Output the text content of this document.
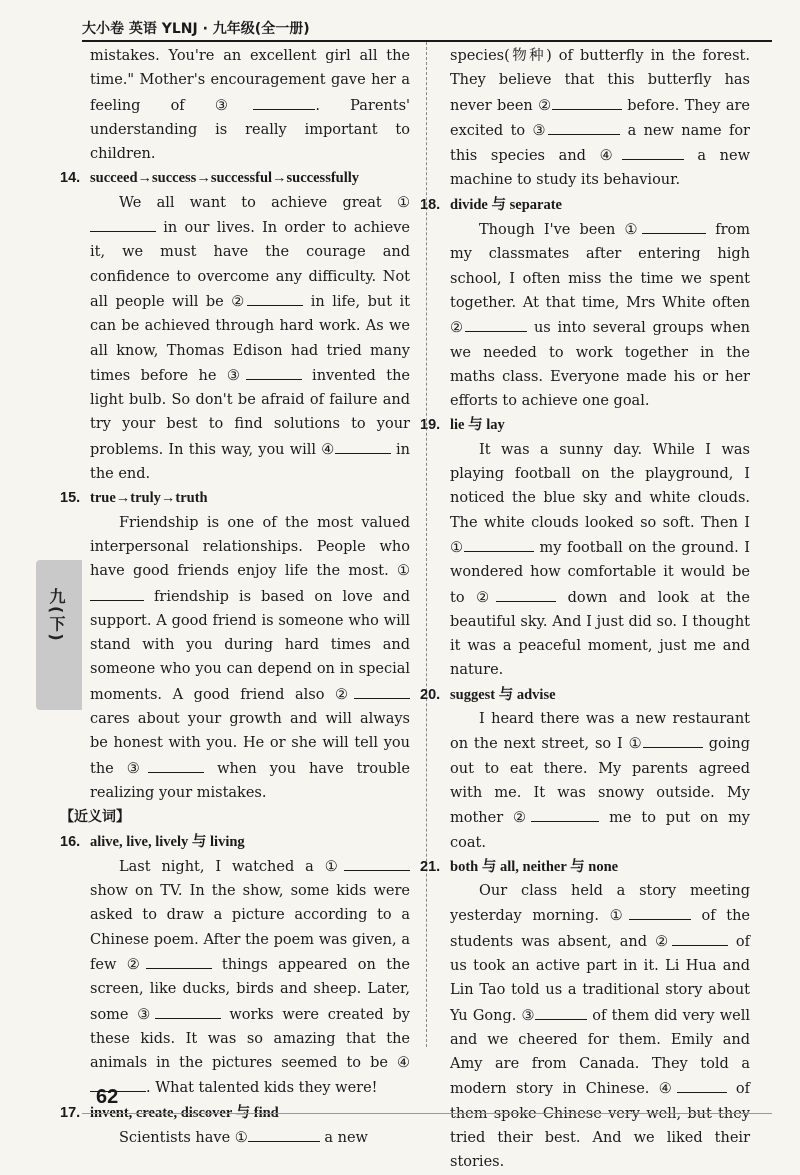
大小卷 英语 YLNJ · 九年级(全一册)
九(下)

mistakes. You're an excellent girl all the time." Mother's encouragement gave her a feeling of ③	. Parents' understanding is really important to children.

14. succeed→success→successful→successfully

We all want to achieve great ① in our lives. In order to achieve it, we must have the courage and confidence to overcome any difficulty. Not all people will be ②	in life, but it can be achieved through hard work. As we all know, Thomas Edison had tried many times before he ③	invented the light bulb. So don't be afraid of failure and try your best to find solutions to your problems. In this way, you will ④	in the end.

15. true→truly→truth

Friendship is one of the most valued interpersonal relationships. People who have good friends enjoy life the most. ① friendship is based on love and support. A good friend is someone who will stand with you during hard times and someone who you can depend on in special moments. A good friend also ② cares about your growth and will always be honest with you. He or she will tell you the ③	when you have trouble realizing your mistakes.

【近义词】
16. alive, live, lively 与 living

Last night, I watched a ① show on TV. In the show, some kids were asked to draw a picture according to a Chinese poem. After the poem was given, a few ②	things appeared on the screen, like ducks, birds and sheep. Later, some ③	works were created by these kids. It was so amazing that the animals in the pictures seemed to be ④. What talented kids they were!

17. invent, create, discover 与 find

Scientists have ①	a new

species(物种) of butterfly in the forest. They believe that this butterfly has never been ②	before. They are excited to ③	a new name for this species and ④	a new machine to study its behaviour.

18. divide 与 separate

Though I've been ①	from my classmates after entering high school, I often miss the time we spent together. At that time, Mrs White often ②	us into several groups when we needed to work together in the maths class. Everyone made his or her efforts to achieve one goal.

19. lie 与 lay

It was a sunny day. While I was playing football on the playground, I noticed the blue sky and white clouds. The white clouds looked so soft. Then I ①	my football on the ground. I wondered how comfortable it would be to ②	down and look at the beautiful sky. And I just did so. I thought it was a peaceful moment, just me and nature.

20. suggest 与 advise

I heard there was a new restaurant on the next street, so I ①	going out to eat there. My parents agreed with me. It was snowy outside. My mother ②	me to put on my coat.

21. both 与 all, neither 与 none

Our class held a story meeting yesterday morning. ①	of the students was absent, and ②	of us took an active part in it. Li Hua and Lin Tao told us a traditional story about Yu Gong. ③	of them did very well and we cheered for them. Emily and Amy are from Canada. They told a modern story in Chinese. ④	of them spoke Chinese very well, but they tried their best. And we liked their stories.

62
